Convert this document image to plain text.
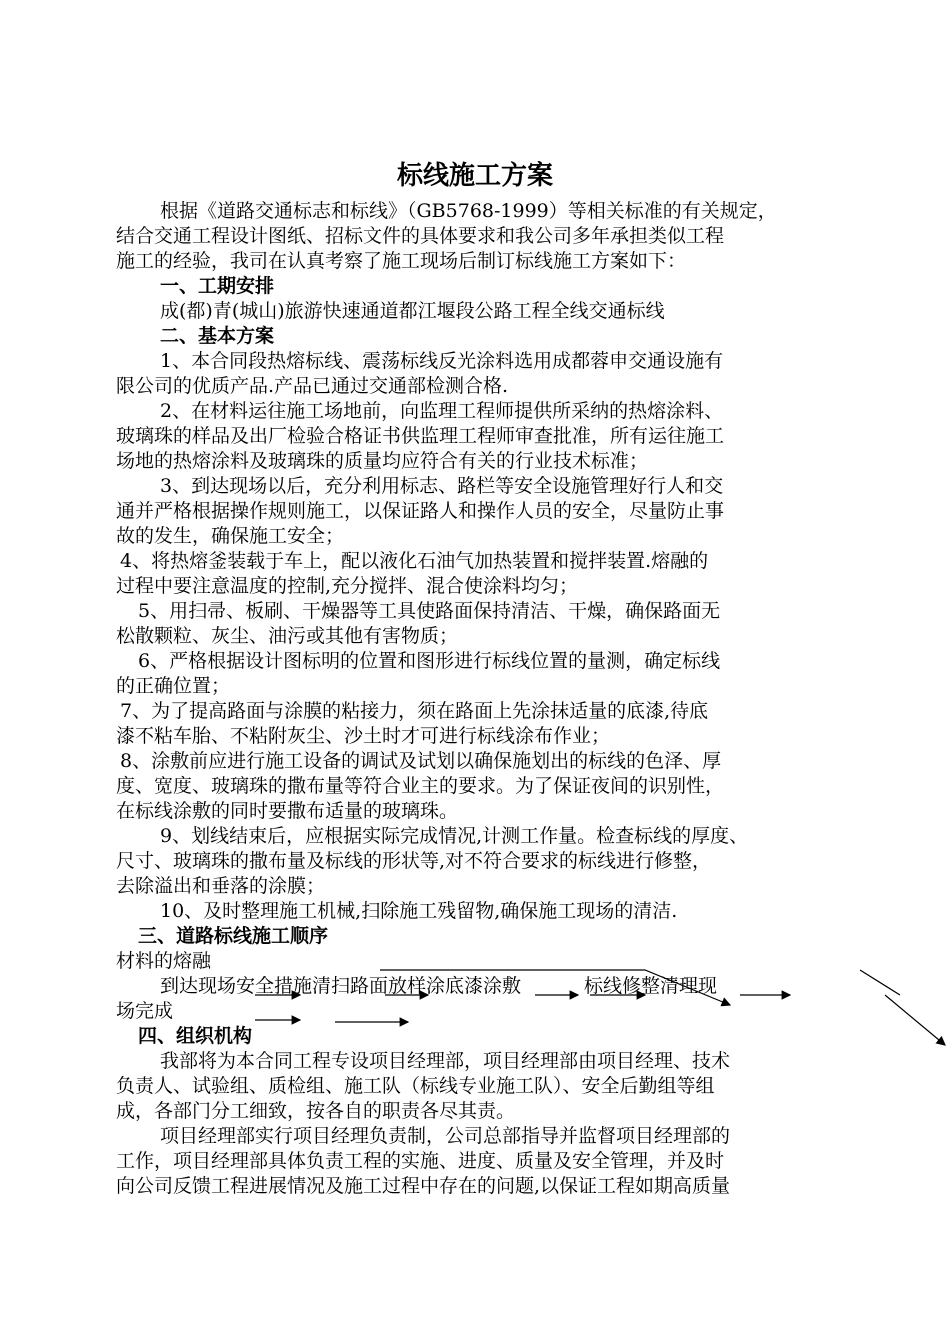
标线施工方案
根据《道路交通标志和标线》（GB5768-1999）等相关标准的有关规定，
结合交通工程设计图纸、招标文件的具体要求和我公司多年承担类似工程
施工的经验，我司在认真考察了施工现场后制订标线施工方案如下：
一、工期安排
成(都)青(城山)旅游快速通道都江堰段公路工程全线交通标线
二、基本方案
1、本合同段热熔标线、震荡标线反光涂料选用成都蓉申交通设施有
限公司的优质产品.产品已通过交通部检测合格.
2、在材料运往施工场地前，向监理工程师提供所采纳的热熔涂料、
玻璃珠的样品及出厂检验合格证书供监理工程师审查批准，所有运往施工
场地的热熔涂料及玻璃珠的质量均应符合有关的行业技术标准；
3、到达现场以后，充分利用标志、路栏等安全设施管理好行人和交
通并严格根据操作规则施工，以保证路人和操作人员的安全，尽量防止事
故的发生，确保施工安全；
4、将热熔釜装载于车上，配以液化石油气加热装置和搅拌装置.熔融的
过程中要注意温度的控制,充分搅拌、混合使涂料均匀；
5、用扫帚、板刷、干燥器等工具使路面保持清洁、干燥，确保路面无
松散颗粒、灰尘、油污或其他有害物质；
6、严格根据设计图标明的位置和图形进行标线位置的量测，确定标线
的正确位置；
7、为了提高路面与涂膜的粘接力，须在路面上先涂抹适量的底漆,待底
漆不粘车胎、不粘附灰尘、沙土时才可进行标线涂布作业；
8、涂敷前应进行施工设备的调试及试划以确保施划出的标线的色泽、厚
度、宽度、玻璃珠的撒布量等符合业主的要求。为了保证夜间的识别性，
在标线涂敷的同时要撒布适量的玻璃珠。
9、划线结束后，应根据实际完成情况,计测工作量。检查标线的厚度、
尺寸、玻璃珠的撒布量及标线的形状等,对不符合要求的标线进行修整，
去除溢出和垂落的涂膜；
10、及时整理施工机械,扫除施工残留物,确保施工现场的清洁.
三、道路标线施工顺序
材料的熔融
到达现场安全措施清扫路面放样涂底漆涂敷　　　 标线修整清理现
场完成
四、组织机构
我部将为本合同工程专设项目经理部，项目经理部由项目经理、技术
负责人、试验组、质检组、施工队（标线专业施工队）、安全后勤组等组
成，各部门分工细致，按各自的职责各尽其责。
项目经理部实行项目经理负责制，公司总部指导并监督项目经理部的
工作，项目经理部具体负责工程的实施、进度、质量及安全管理，并及时
向公司反馈工程进展情况及施工过程中存在的问题,以保证工程如期高质量
